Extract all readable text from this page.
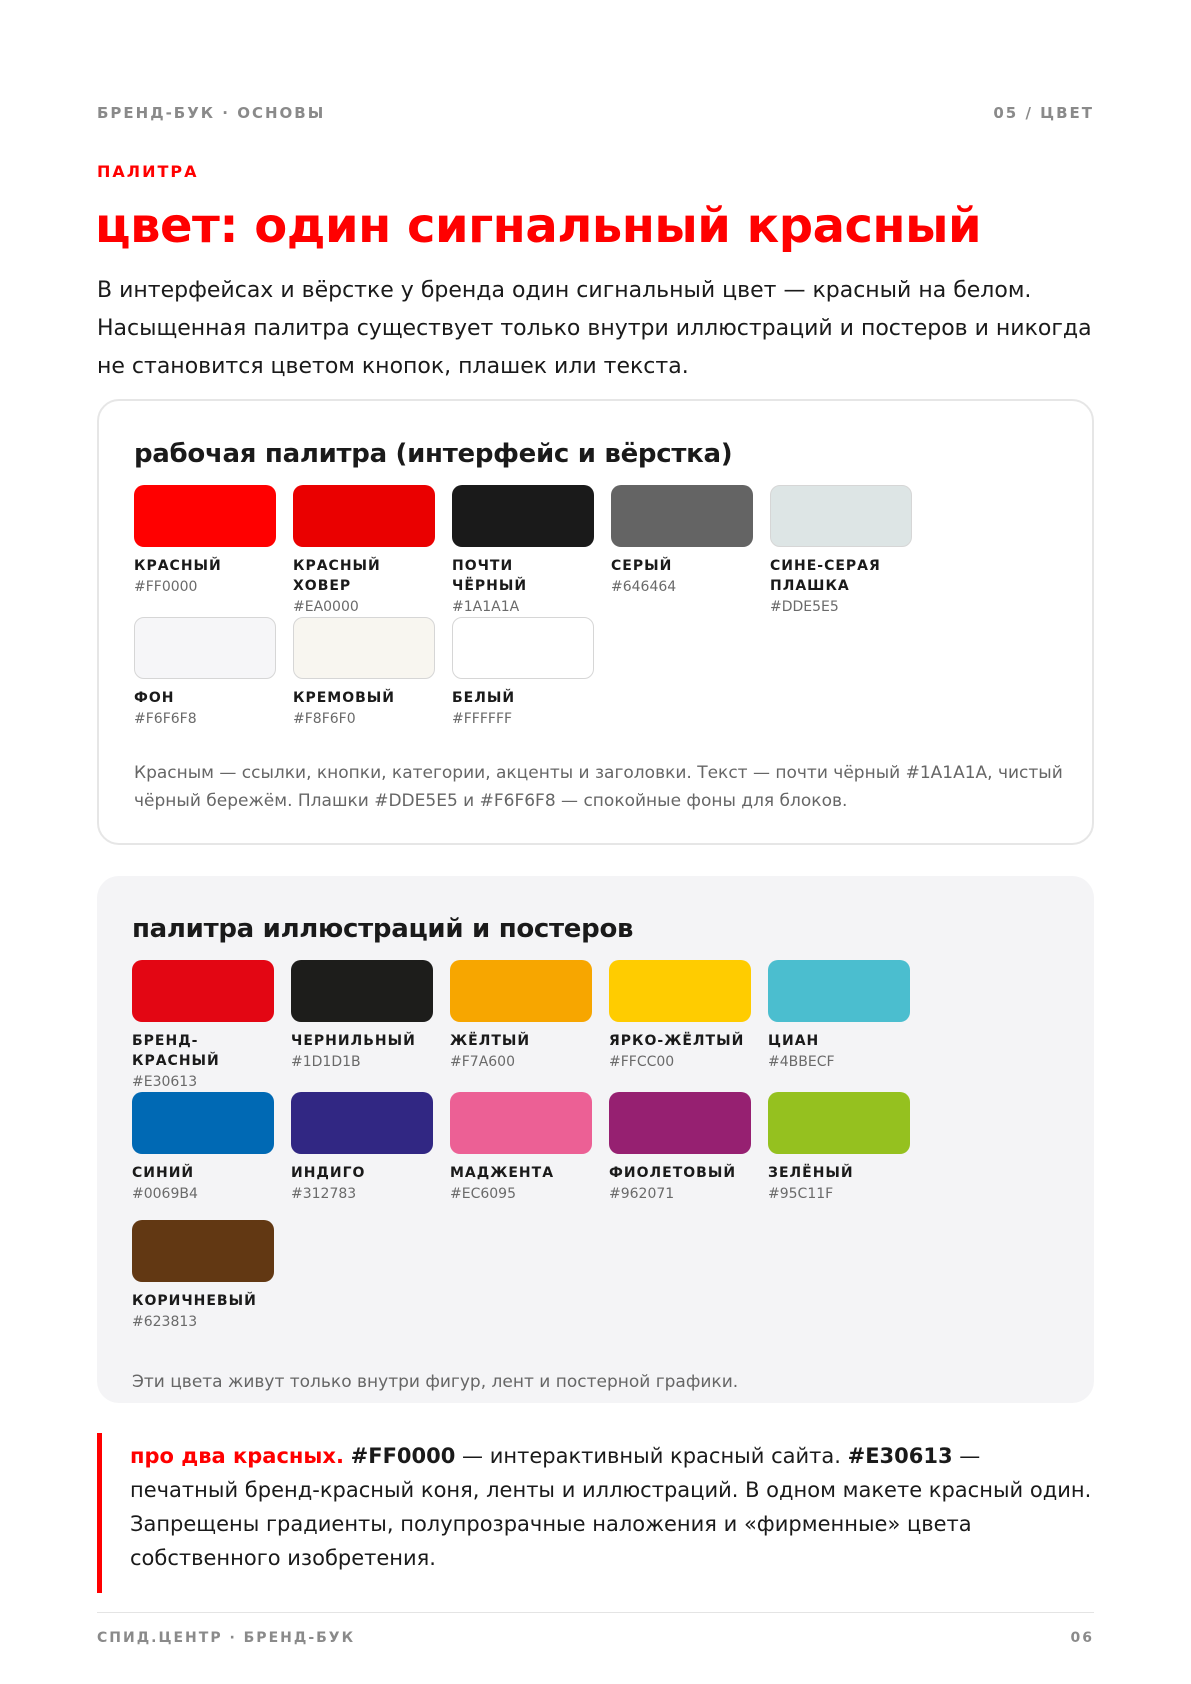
БРЕНД-БУК · ОСНОВЫ	05 / ЦВЕТ
ПАЛИТРА
цвет: один сигнальный красный

В интерфейсах и вёрстке у бренда один сигнальный цвет — красный на белом. Насыщенная палитра существует только внутри иллюстраций и постеров и никогда не становится цветом кнопок, плашек или текста.

рабочая палитра (интерфейс и вёрстка)
КРАСНЫЙ
#FF0000
КРАСНЫЙ ХОВЕР
#EA0000
ПОЧТИ ЧЁРНЫЙ
#1A1A1A
СЕРЫЙ
#646464
СИНЕ-СЕРАЯ ПЛАШКА
#DDE5E5
ФОН
#F6F6F8
КРЕМОВЫЙ
#F8F6F0
БЕЛЫЙ
#FFFFFF

Красным — ссылки, кнопки, категории, акценты и заголовки. Текст — почти чёрный #1A1A1A, чистый чёрный бережём. Плашки #DDE5E5 и #F6F6F8 — спокойные фоны для блоков.

палитра иллюстраций и постеров
БРЕНД-КРАСНЫЙ
#E30613
ЧЕРНИЛЬНЫЙ
#1D1D1B
ЖЁЛТЫЙ
#F7A600
ЯРКО-ЖЁЛТЫЙ
#FFCC00
ЦИАН
#4BBECF
СИНИЙ
#0069B4
ИНДИГО
#312783
МАДЖЕНТА
#EC6095
ФИОЛЕТОВЫЙ
#962071
ЗЕЛЁНЫЙ
#95C11F
КОРИЧНЕВЫЙ
#623813

Эти цвета живут только внутри фигур, лент и постерной графики.

про два красных. #FF0000 — интерактивный красный сайта. #E30613 — печатный бренд-красный коня, ленты и иллюстраций. В одном макете красный один. Запрещены градиенты, полупрозрачные наложения и «фирменные» цвета собственного изобретения.
СПИД.ЦЕНТР · БРЕНД-БУК	06
